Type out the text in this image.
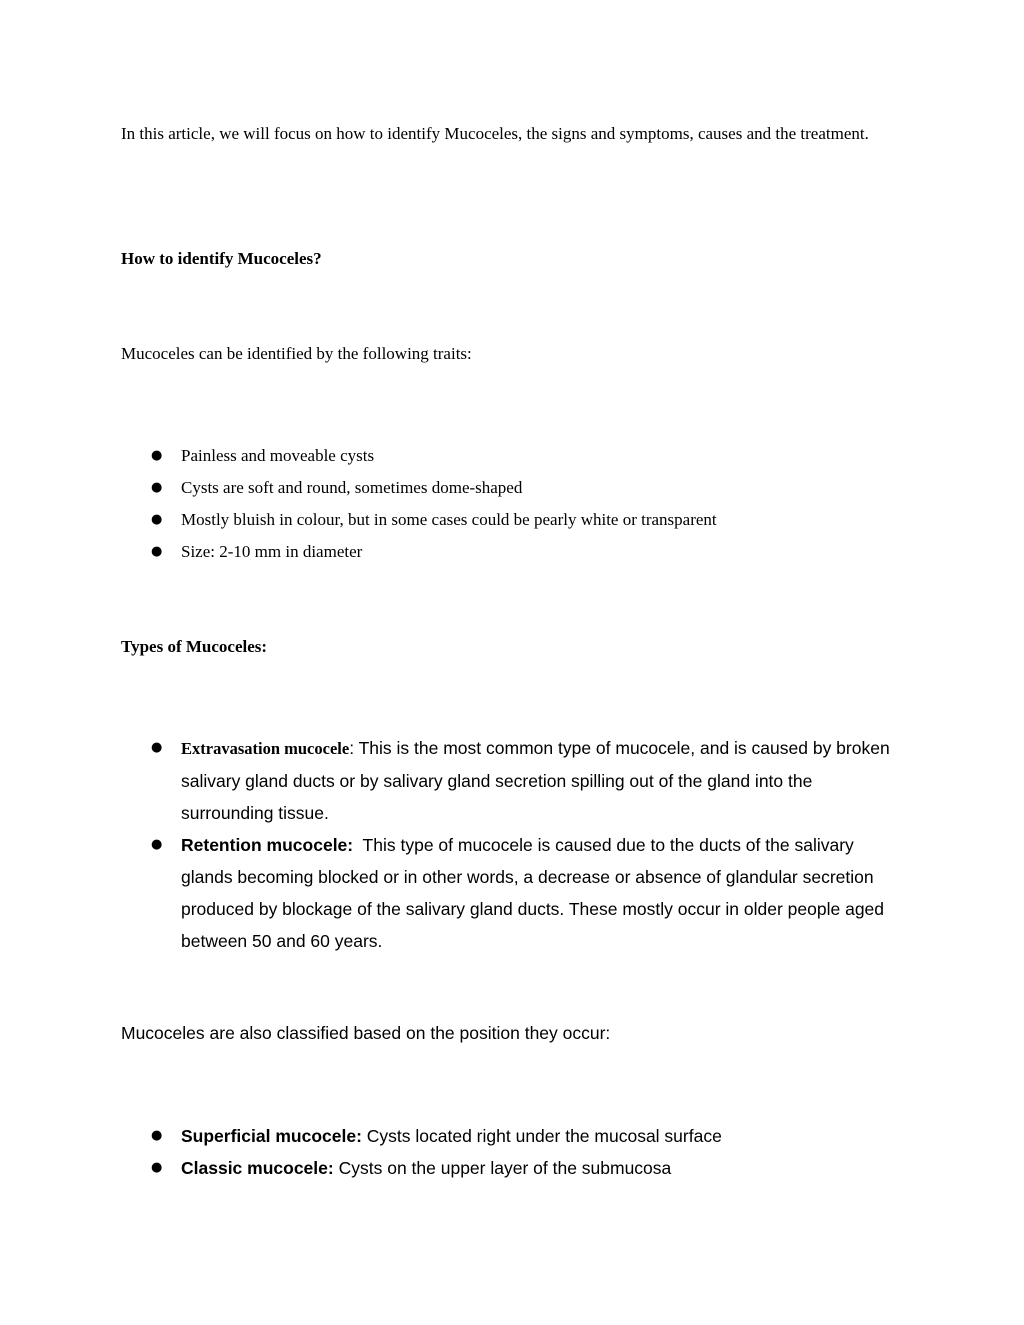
In this article, we will focus on how to identify Mucoceles, the signs and symptoms, causes and the treatment.

How to identify Mucoceles?

Mucoceles can be identified by the following traits:

● Painless and moveable cysts
● Cysts are soft and round, sometimes dome-shaped
● Mostly bluish in colour, but in some cases could be pearly white or transparent
● Size: 2-10 mm in diameter

Types of Mucoceles:

● Extravasation mucocele: This is the most common type of mucocele, and is caused by broken salivary gland ducts or by salivary gland secretion spilling out of the gland into the surrounding tissue.
● Retention mucocele: This type of mucocele is caused due to the ducts of the salivary glands becoming blocked or in other words, a decrease or absence of glandular secretion produced by blockage of the salivary gland ducts. These mostly occur in older people aged between 50 and 60 years.

Mucoceles are also classified based on the position they occur:

● Superficial mucocele: Cysts located right under the mucosal surface
● Classic mucocele: Cysts on the upper layer of the submucosa
